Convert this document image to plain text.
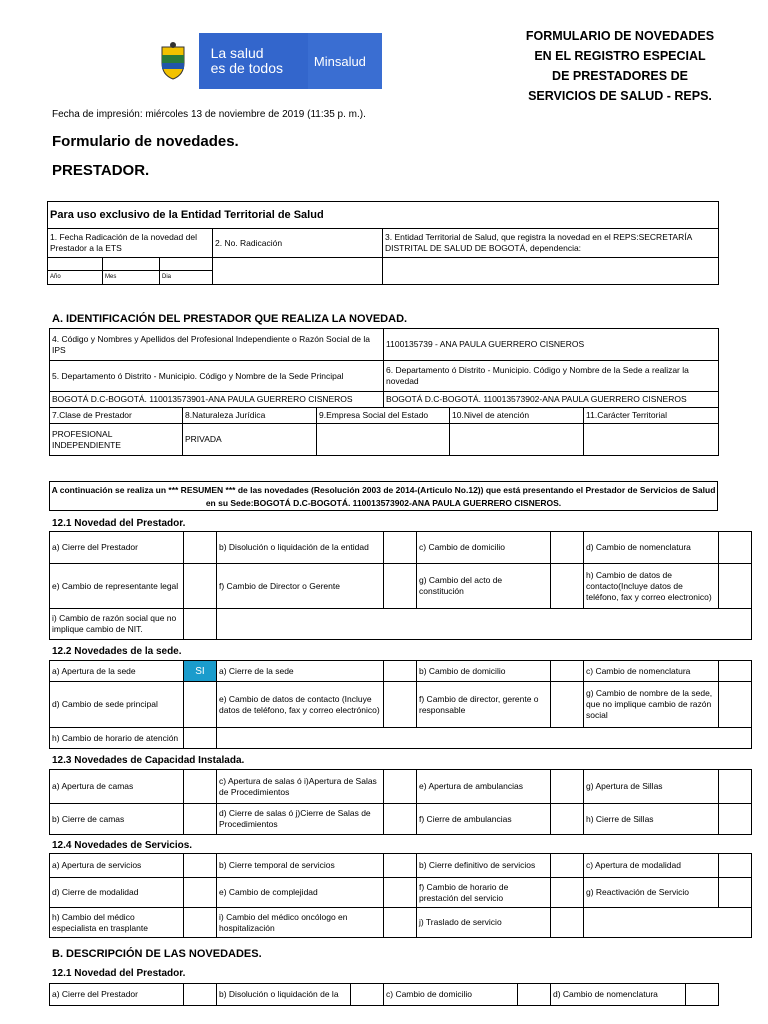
La salud
es de todos	Minsalud
FORMULARIO DE NOVEDADES
EN EL REGISTRO ESPECIAL
DE PRESTADORES DE
SERVICIOS DE SALUD - REPS.
Fecha de impresión: miércoles 13 de noviembre de 2019 (11:35 p. m.).
Formulario de novedades.
PRESTADOR.
Para uso exclusivo de la Entidad Territorial de Salud				
1. Fecha Radicación de la novedad del Prestador a la ETS			2. No. Radicación	3. Entidad Territorial de Salud, que registra la novedad en el REPS:SECRETARÍA DISTRITAL DE SALUD DE BOGOTÁ, dependencia:

Año	Mes	Dia		
A. IDENTIFICACIÓN DEL PRESTADOR QUE REALIZA LA NOVEDAD.
4. Código y Nombres y Apellidos del Profesional Independiente o Razón Social de la IPS			1100135739 - ANA PAULA GUERRERO CISNEROS		
5. Departamento ó Distrito - Municipio. Código y Nombre de la Sede Principal			6. Departamento ó Distrito - Municipio. Código y Nombre de la Sede a realizar la novedad		
BOGOTÁ D.C-BOGOTÁ. 110013573901-ANA PAULA GUERRERO CISNEROS			BOGOTÁ D.C-BOGOTÁ. 110013573902-ANA PAULA GUERRERO CISNEROS		
7.Clase de Prestador	8.Naturaleza Jurídica	9.Empresa Social del Estado		10.Nivel de atención	11.Carácter Territorial
PROFESIONAL INDEPENDIENTE	PRIVADA				
A continuación se realiza un *** RESUMEN *** de las novedades (Resolución 2003 de 2014-(Articulo No.12)) que está presentando el Prestador de Servicios de Salud en su Sede:BOGOTÁ D.C-BOGOTÁ. 110013573902-ANA PAULA GUERRERO CISNEROS.
12.1 Novedad del Prestador.
a) Cierre del Prestador		b) Disolución o liquidación de la entidad		c) Cambio de domicilio		d) Cambio de nomenclatura	
e) Cambio de representante legal		f) Cambio de Director o Gerente		g) Cambio del acto de constitución		h) Cambio de datos de contacto(Incluye datos de teléfono, fax y correo electronico)	
i) Cambio de razón social que no implique cambio de NIT.							
12.2 Novedades de la sede.
a) Apertura de la sede	SI	a) Cierre de la sede		b) Cambio de domicilio		c) Cambio de nomenclatura	
d) Cambio de sede principal		e) Cambio de datos de contacto (Incluye datos de teléfono, fax y correo electrónico)		f) Cambio de director, gerente o responsable		g) Cambio de nombre de la sede, que no implique cambio de razón social	
h) Cambio de horario de atención							
12.3 Novedades de Capacidad Instalada.
a) Apertura de camas		c) Apertura de salas ó i)Apertura de Salas de Procedimientos		e) Apertura de ambulancias		g) Apertura de Sillas	
b) Cierre de camas		d) Cierre de salas ó j)Cierre de Salas de Procedimientos		f) Cierre de ambulancias		h) Cierre de Sillas	
12.4 Novedades de Servicios.
a) Apertura de servicios		b) Cierre temporal de servicios		b) Cierre definitivo de servicios		c) Apertura de modalidad	
d) Cierre de modalidad		e) Cambio de complejidad		f) Cambio de horario de prestación del servicio		g) Reactivación de Servicio	
h) Cambio del médico especialista en trasplante		i) Cambio del médico oncólogo en hospitalización		j) Traslado de servicio			
B. DESCRIPCIÓN DE LAS NOVEDADES.
12.1 Novedad del Prestador.
a) Cierre del Prestador		b) Disolución o liquidación de la		c) Cambio de domicilio		d) Cambio de nomenclatura	
